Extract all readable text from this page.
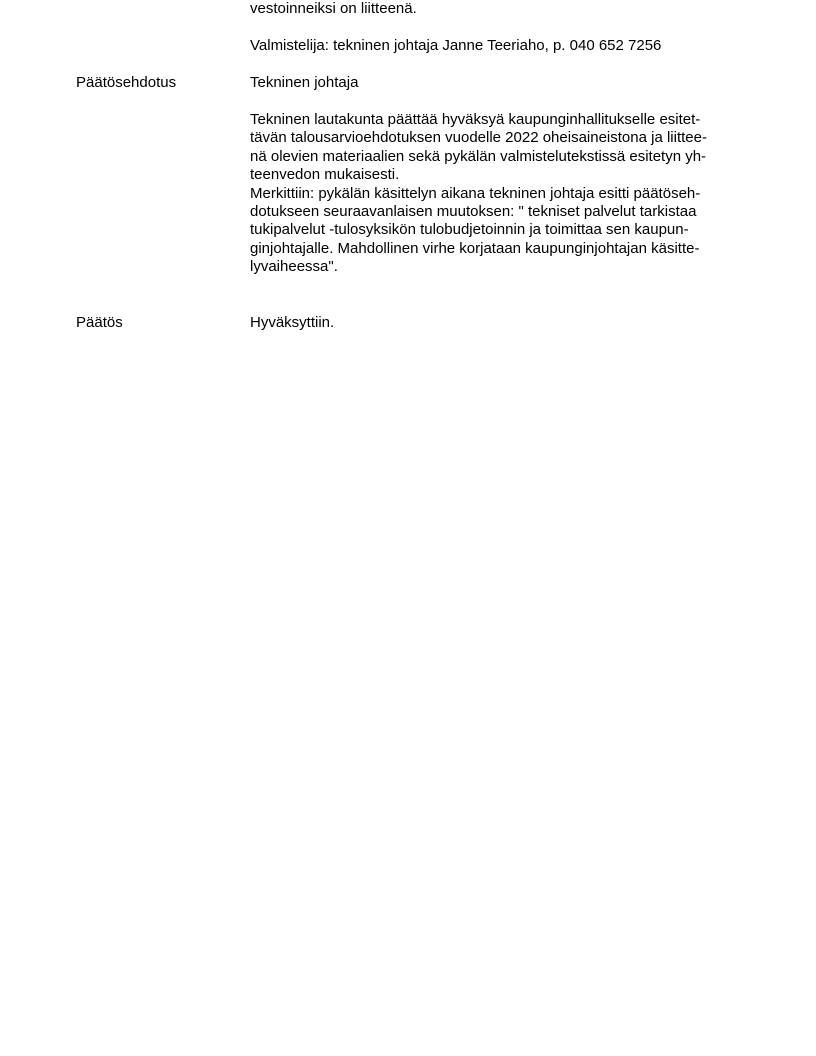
vestoinneiksi on liitteenä.

Valmistelija: tekninen johtaja Janne Teeriaho, p. 040 652 7256

Päätösehdotus	Tekninen johtaja

Tekninen lautakunta päättää hyväksyä kaupunginhallitukselle esitet-
tävän talousarvioehdotuksen vuodelle 2022 oheisaineistona ja liittee-
nä olevien materiaalien sekä pykälän valmistelutekstissä esitetyn yh-
teenvedon mukaisesti.
Merkittiin: pykälän käsittelyn aikana tekninen johtaja esitti päätöseh-
dotukseen seuraavanlaisen muutoksen: " tekniset palvelut tarkistaa
tukipalvelut -tulosyksikön tulobudjetoinnin ja toimittaa sen kaupun-
ginjohtajalle. Mahdollinen virhe korjataan kaupunginjohtajan käsitte-
lyvaiheessa".

Päätös	Hyväksyttiin.
